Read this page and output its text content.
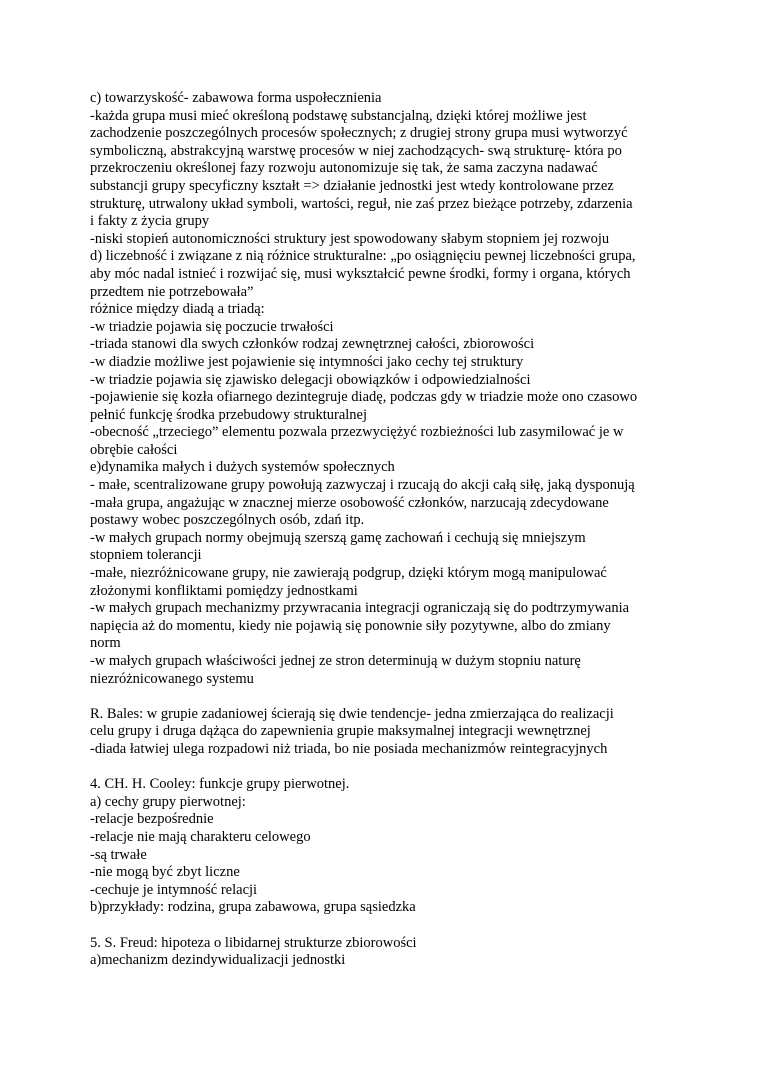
c) towarzyskość- zabawowa forma uspołecznienia
-każda grupa musi mieć określoną podstawę substancjalną, dzięki której możliwe jest
zachodzenie poszczególnych procesów społecznych; z drugiej strony grupa musi wytworzyć
symboliczną, abstrakcyjną warstwę procesów w niej zachodzących- swą strukturę- która po
przekroczeniu określonej fazy rozwoju autonomizuje się tak, że sama zaczyna nadawać
substancji grupy specyficzny kształt => działanie jednostki jest wtedy kontrolowane przez
strukturę, utrwalony układ symboli, wartości, reguł, nie zaś przez bieżące potrzeby, zdarzenia
i fakty z życia grupy
-niski stopień autonomiczności struktury jest spowodowany słabym stopniem jej rozwoju
d) liczebność i związane z nią różnice strukturalne: „po osiągnięciu pewnej liczebności grupa,
aby móc nadal istnieć i rozwijać się, musi wykształcić pewne środki, formy i organa, których
przedtem nie potrzebowała”
różnice między diadą a triadą:
-w triadzie pojawia się poczucie trwałości
-triada stanowi dla swych członków rodzaj zewnętrznej całości, zbiorowości
-w diadzie możliwe jest pojawienie się intymności jako cechy tej struktury
-w triadzie pojawia się zjawisko delegacji obowiązków i odpowiedzialności
-pojawienie się kozła ofiarnego dezintegruje diadę, podczas gdy w triadzie może ono czasowo
pełnić funkcję środka przebudowy strukturalnej
-obecność „trzeciego” elementu pozwala przezwyciężyć rozbieżności lub zasymilować je w
obrębie całości
e)dynamika małych i dużych systemów społecznych
- małe, scentralizowane grupy powołują zazwyczaj i rzucają do akcji całą siłę, jaką dysponują
-mała grupa, angażując w znacznej mierze osobowość członków, narzucają zdecydowane
postawy wobec poszczególnych osób, zdań itp.
-w małych grupach normy obejmują szerszą gamę zachowań i cechują się mniejszym
stopniem tolerancji
-małe, niezróżnicowane grupy, nie zawierają podgrup, dzięki którym mogą manipulować
złożonymi konfliktami pomiędzy jednostkami
-w małych grupach mechanizmy przywracania integracji ograniczają się do podtrzymywania
napięcia aż do momentu, kiedy nie pojawią się ponownie siły pozytywne, albo do zmiany
norm
-w małych grupach właściwości jednej ze stron determinują w dużym stopniu naturę
niezróżnicowanego systemu
R. Bales: w grupie zadaniowej ścierają się dwie tendencje- jedna zmierzająca do realizacji
celu grupy i druga dążąca do zapewnienia grupie maksymalnej integracji wewnętrznej
-diada łatwiej ulega rozpadowi niż triada, bo nie posiada mechanizmów reintegracyjnych
4. CH. H. Cooley: funkcje grupy pierwotnej.
a) cechy grupy pierwotnej:
-relacje bezpośrednie
-relacje nie mają charakteru celowego
-są trwałe
-nie mogą być zbyt liczne
-cechuje je intymność relacji
b)przykłady: rodzina, grupa zabawowa, grupa sąsiedzka
5. S. Freud: hipoteza o libidarnej strukturze zbiorowości
a)mechanizm dezindywidualizacji jednostki
